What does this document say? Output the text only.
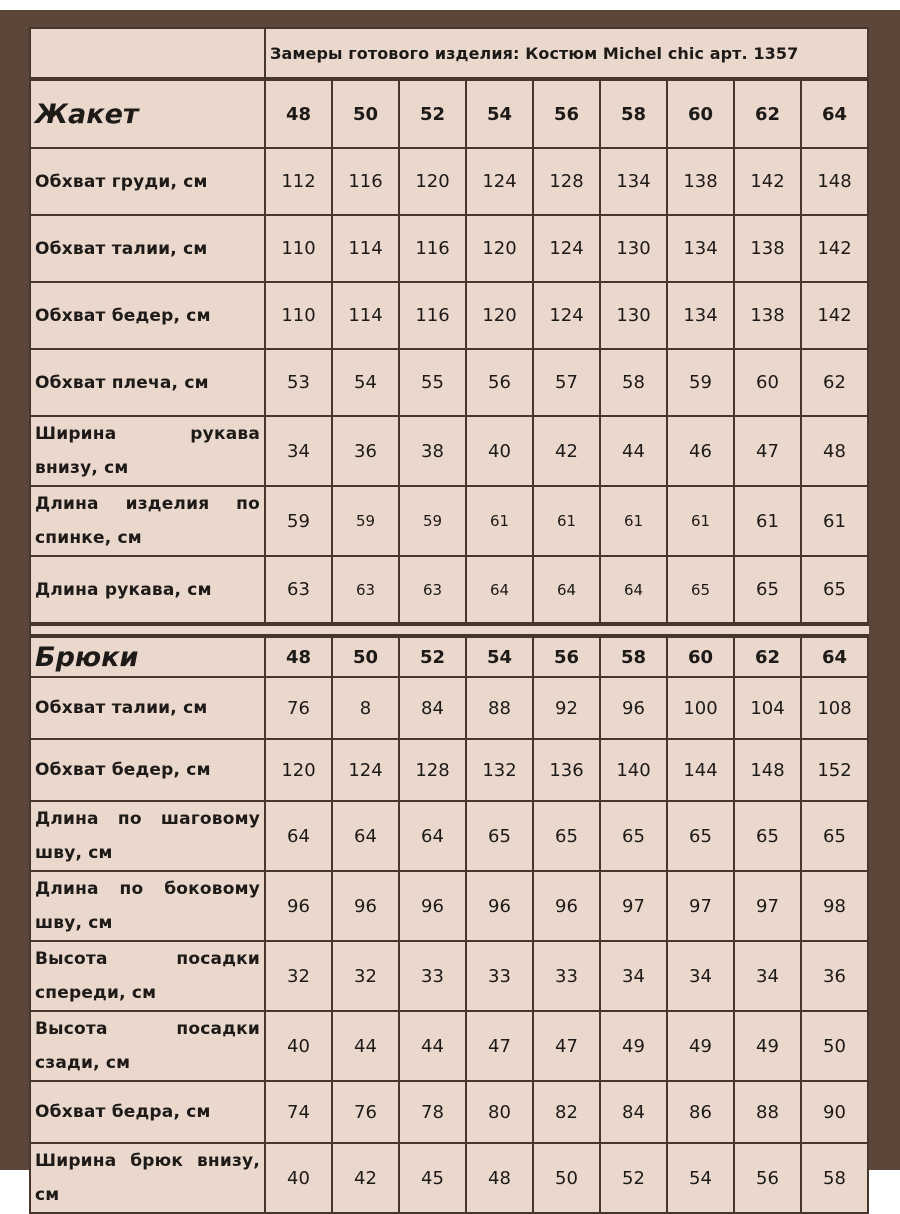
	Замеры готового изделия: Костюм Michel chic арт. 1357								
Жакет	48	50	52	54	56	58	60	62	64
Обхват груди, см	112	116	120	124	128	134	138	142	148
Обхват талии, см	110	114	116	120	124	130	134	138	142
Обхват бедер, см	110	114	116	120	124	130	134	138	142
Обхват плеча, см	53	54	55	56	57	58	59	60	62
Ширина рукава внизу, см	34	36	38	40	42	44	46	47	48
Длина изделия по спинке, см	59	59	59	61	61	61	61	61	61
Длина рукава, см	63	63	63	64	64	64	65	65	65

Брюки	48	50	52	54	56	58	60	62	64
Обхват талии, см	76	8	84	88	92	96	100	104	108
Обхват бедер, см	120	124	128	132	136	140	144	148	152
Длина по шаговому шву, см	64	64	64	65	65	65	65	65	65
Длина по боковому шву, см	96	96	96	96	96	97	97	97	98
Высота посадки спереди, см	32	32	33	33	33	34	34	34	36
Высота посадки сзади, см	40	44	44	47	47	49	49	49	50
Обхват бедра, см	74	76	78	80	82	84	86	88	90
Ширина брюк внизу, см	40	42	45	48	50	52	54	56	58
